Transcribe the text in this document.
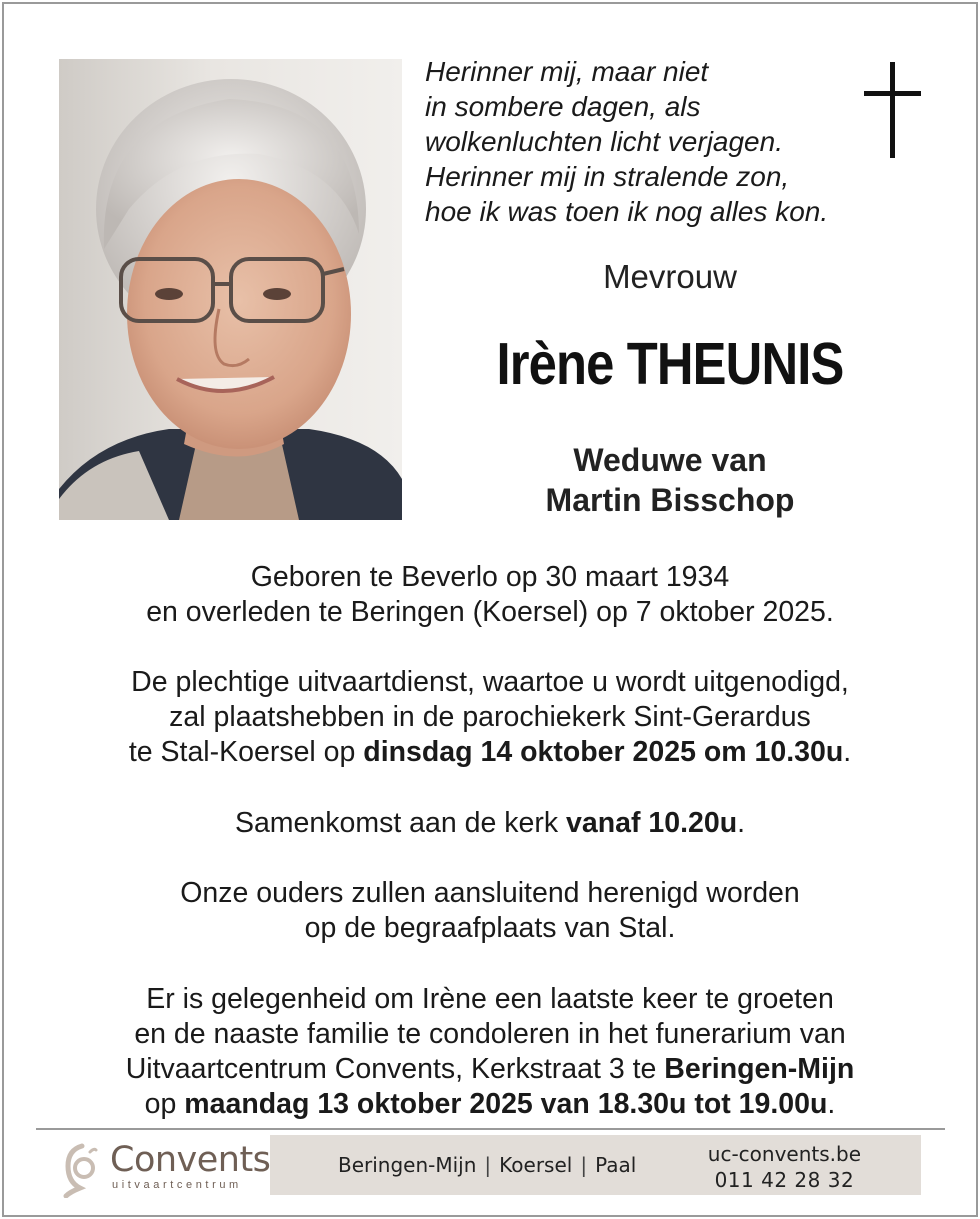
Herinner mij, maar niet
in sombere dagen, als
wolkenluchten licht verjagen.
Herinner mij in stralende zon,
hoe ik was toen ik nog alles kon.
Mevrouw
Irène THEUNIS
Weduwe van
Martin Bisschop
Geboren te Beverlo op 30 maart 1934
en overleden te Beringen (Koersel) op 7 oktober 2025.
De plechtige uitvaartdienst, waartoe u wordt uitgenodigd,
zal plaatshebben in de parochiekerk Sint-Gerardus
te Stal-Koersel op dinsdag 14 oktober 2025 om 10.30u.
Samenkomst aan de kerk vanaf 10.20u.
Onze ouders zullen aansluitend herenigd worden
op de begraafplaats van Stal.
Er is gelegenheid om Irène een laatste keer te groeten
en de naaste familie te condoleren in het funerarium van
Uitvaartcentrum Convents, Kerkstraat 3 te Beringen-Mijn
op maandag 13 oktober 2025 van 18.30u tot 19.00u.
Convents
uitvaartcentrum
Beringen-Mijn | Koersel | Paal	uc-convents.be
011 42 28 32
